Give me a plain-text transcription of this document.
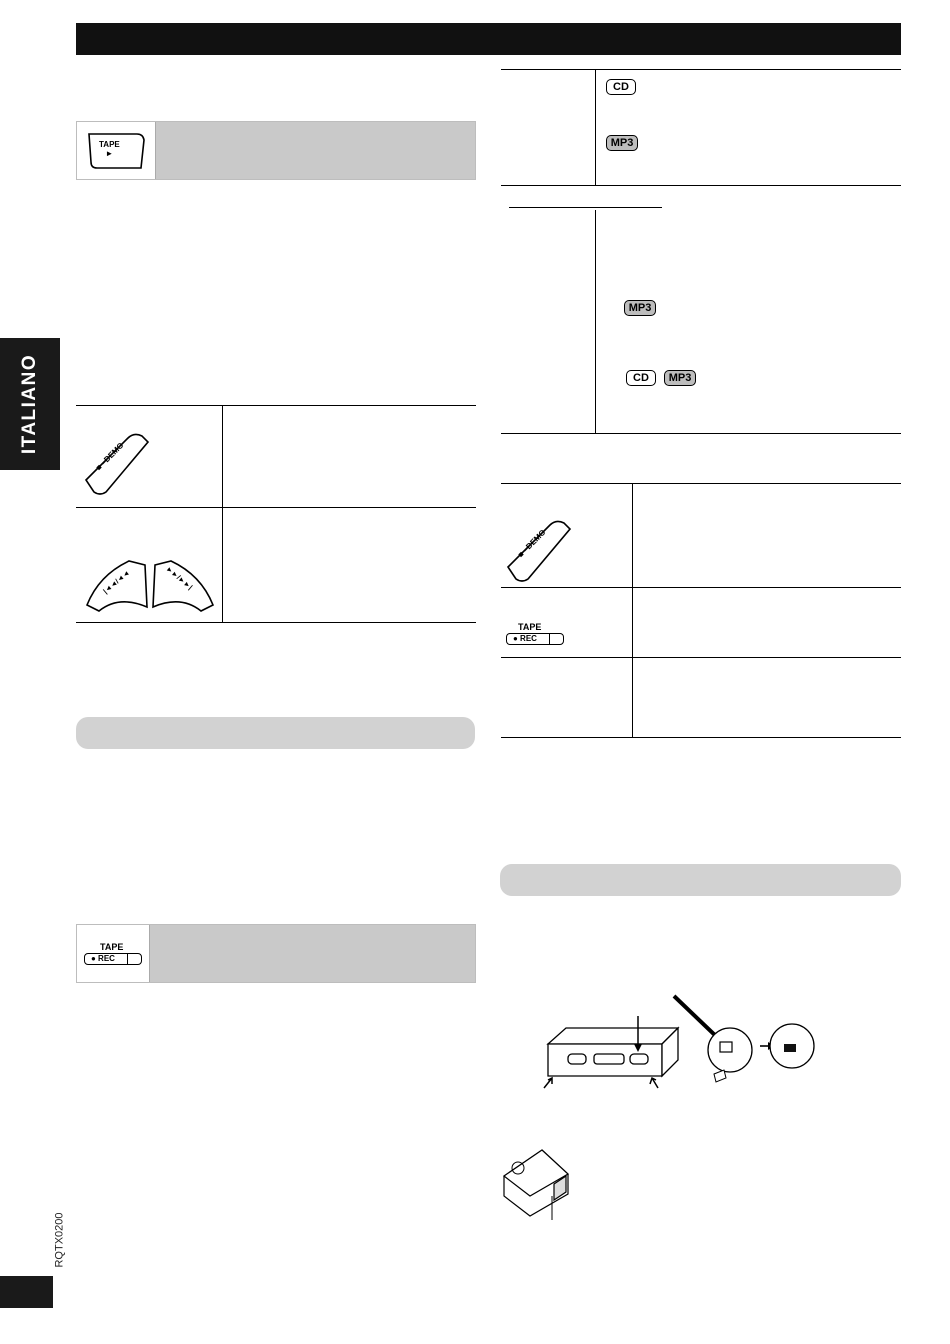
ITALIANO
RQTX0200
TAPE
►
■ –DEMO
|◄◄/◄◄	►►/►►|
TAPE
● REC
CD
MP3
MP3
CD	MP3
■ –DEMO
TAPE
● REC
